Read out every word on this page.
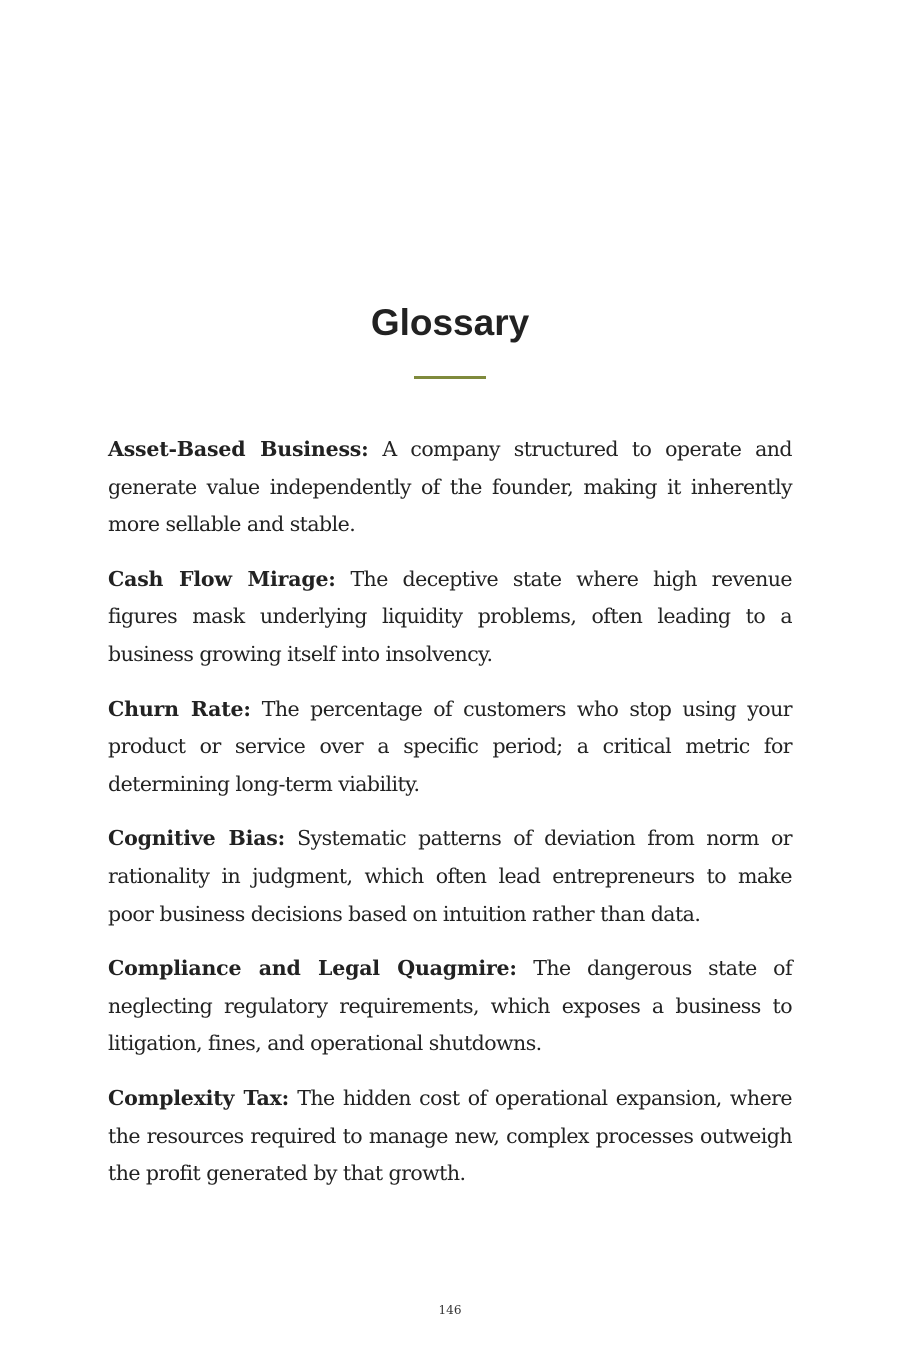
Glossary

Asset-Based Business: A company structured to operate and generate value independently of the founder, making it inherently more sellable and stable.

Cash Flow Mirage: The deceptive state where high revenue figures mask underlying liquidity problems, often leading to a business growing itself into insolvency.

Churn Rate: The percentage of customers who stop using your product or service over a specific period; a critical metric for determining long-term viability.

Cognitive Bias: Systematic patterns of deviation from norm or rationality in judgment, which often lead entrepreneurs to make poor business decisions based on intuition rather than data.

Compliance and Legal Quagmire: The dangerous state of neglecting regulatory requirements, which exposes a business to litigation, fines, and operational shutdowns.

Complexity Tax: The hidden cost of operational expansion, where the resources required to manage new, complex processes outweigh the profit generated by that growth.

146
